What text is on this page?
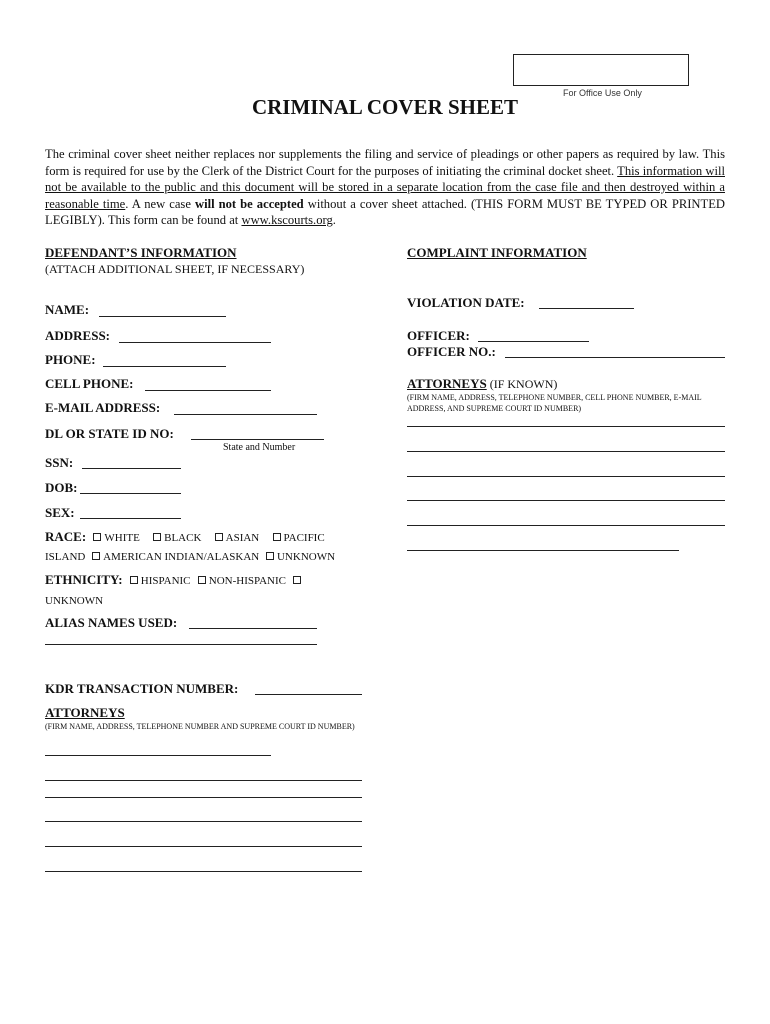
For Office Use Only
CRIMINAL COVER SHEET
The criminal cover sheet neither replaces nor supplements the filing and service of pleadings or other papers as required by law. This form is required for use by the Clerk of the District Court for the purposes of initiating the criminal docket sheet. This information will not be available to the public and this document will be stored in a separate location from the case file and then destroyed within a reasonable time. A new case will not be accepted without a cover sheet attached. (THIS FORM MUST BE TYPED OR PRINTED LEGIBLY). This form can be found at www.kscourts.org.
DEFENDANT’S INFORMATION
(ATTACH ADDITIONAL SHEET, IF NECESSARY)
NAME:
ADDRESS:
PHONE:
CELL PHONE:
E-MAIL ADDRESS:
DL OR STATE ID NO:
State and Number
SSN:
DOB:
SEX:
RACE: WHITE BLACK ASIAN PACIFIC
ISLAND AMERICAN INDIAN/ALASKAN UNKNOWN
ETHNICITY: HISPANIC NON-HISPANIC
UNKNOWN
ALIAS NAMES USED:
KDR TRANSACTION NUMBER:
ATTORNEYS
(FIRM NAME, ADDRESS, TELEPHONE NUMBER AND SUPREME COURT ID NUMBER)
COMPLAINT INFORMATION
VIOLATION DATE:
OFFICER:
OFFICER NO.:
ATTORNEYS (IF KNOWN)
(FIRM NAME, ADDRESS, TELEPHONE NUMBER, CELL PHONE NUMBER, E-MAIL ADDRESS, AND SUPREME COURT ID NUMBER)
